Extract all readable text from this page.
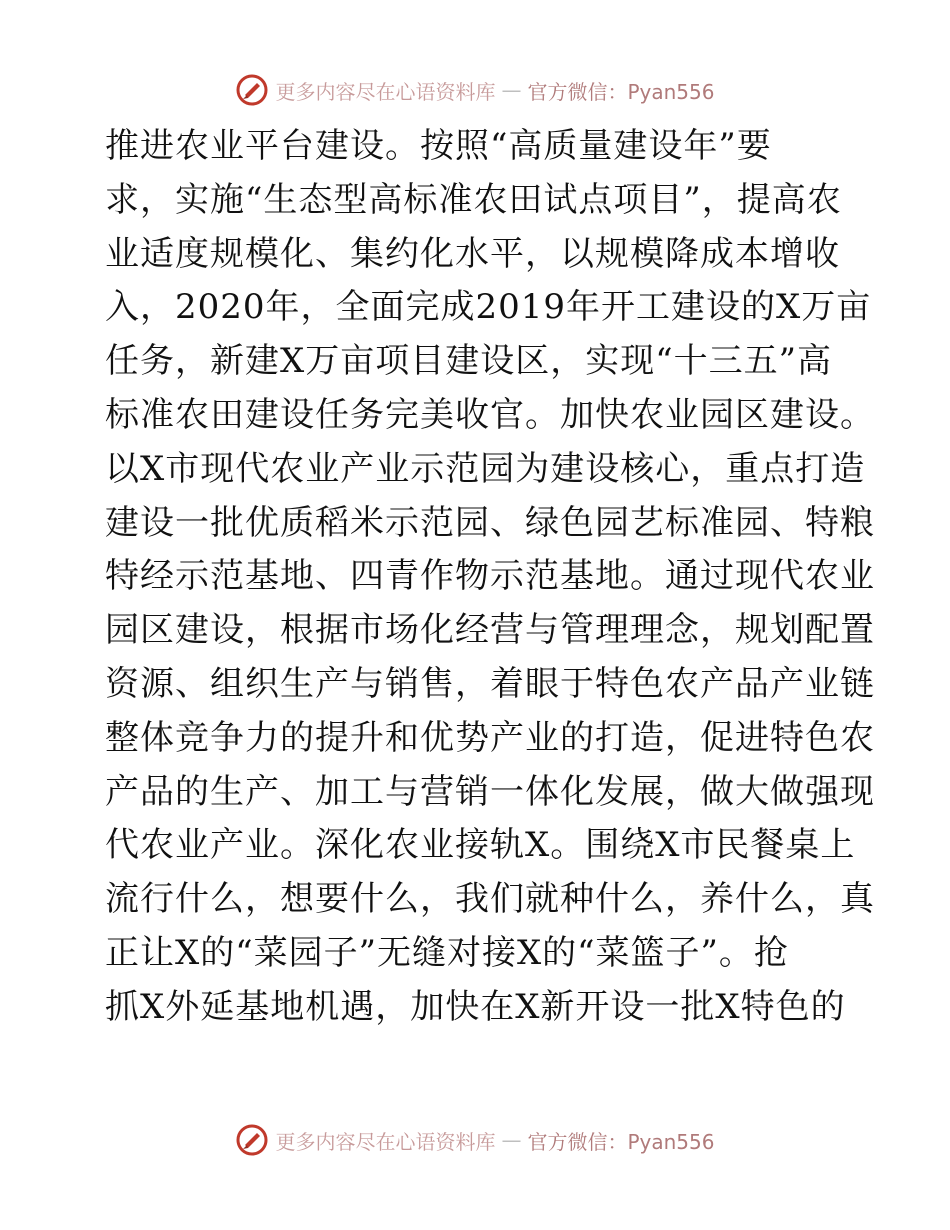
更多内容尽在心语资料库 — 官方微信：Pyan556
推进农业平台建设。按照“高质量建设年”要
求，实施“生态型高标准农田试点项目”，提高农
业适度规模化、集约化水平，以规模降成本增收
入，2020年，全面完成2019年开工建设的X万亩
任务，新建X万亩项目建设区，实现“十三五”高
标准农田建设任务完美收官。加快农业园区建设。
以X市现代农业产业示范园为建设核心，重点打造
建设一批优质稻米示范园、绿色园艺标准园、特粮
特经示范基地、四青作物示范基地。通过现代农业
园区建设，根据市场化经营与管理理念，规划配置
资源、组织生产与销售，着眼于特色农产品产业链
整体竞争力的提升和优势产业的打造，促进特色农
产品的生产、加工与营销一体化发展，做大做强现
代农业产业。深化农业接轨X。围绕X市民餐桌上
流行什么，想要什么，我们就种什么，养什么，真
正让X的“菜园子”无缝对接X的“菜篮子”。抢
抓X外延基地机遇，加快在X新开设一批X特色的
更多内容尽在心语资料库 — 官方微信：Pyan556
